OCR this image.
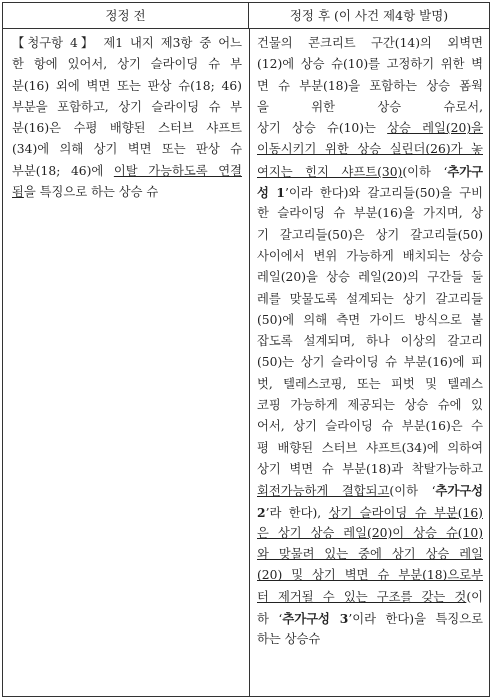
정정 전	정정 후 (이 사건 제4항 발명)
【청구항 4】 제1 내지 제3항 중 어느
한 항에 있어서, 상기 슬라이딩 슈 부
분(16) 외에 벽면 또는 판상 슈(18; 46)
부분을 포함하고, 상기 슬라이딩 슈 부
분(16)은 수평 배향된 스터브 샤프트
(34)에 의해 상기 벽면 또는 판상 슈
부분(18; 46)에 이탈 가능하도록 연결
됨을 특징으로 하는 상승 슈
건물의 콘크리트 구간(14)의 외벽면
(12)에 상승 슈(10)를 고정하기 위한 벽
면 슈 부분(18)을 포함하는 상승 폼웍
을 위한 상승 슈로서,
상기 상승 슈(10)는 상승 레일(20)을
이동시키기 위한 상승 실린더(26)가 놓
여지는 힌지 샤프트(30)(이하 ‘추가구
성 1’이라 한다)와 갈고리들(50)을 구비
한 슬라이딩 슈 부분(16)을 가지며, 상
기 갈고리들(50)은 상기 갈고리들(50)
사이에서 변위 가능하게 배치되는 상승
레일(20)을 상승 레일(20)의 구간들 둘
레를 맞물도록 설계되는 상기 갈고리들
(50)에 의해 측면 가이드 방식으로 붙
잡도록 설계되며, 하나 이상의 갈고리
(50)는 상기 슬라이딩 슈 부분(16)에 피
벗, 텔레스코핑, 또는 피벗 및 텔레스
코핑 가능하게 제공되는 상승 슈에 있
어서, 상기 슬라이딩 슈 부분(16)은 수
평 배향된 스터브 샤프트(34)에 의하여
상기 벽면 슈 부분(18)과 착탈가능하고
회전가능하게 결합되고(이하 ‘추가구성
2’라 한다), 상기 슬라이딩 슈 부분(16)
은 상기 상승 레일(20)이 상승 슈(10)
와 맞물려 있는 중에 상기 상승 레일
(20) 및 상기 벽면 슈 부분(18)으로부
터 제거될 수 있는 구조를 갖는 것(이
하 ‘추가구성 3’이라 한다)을 특징으로
하는 상승슈
